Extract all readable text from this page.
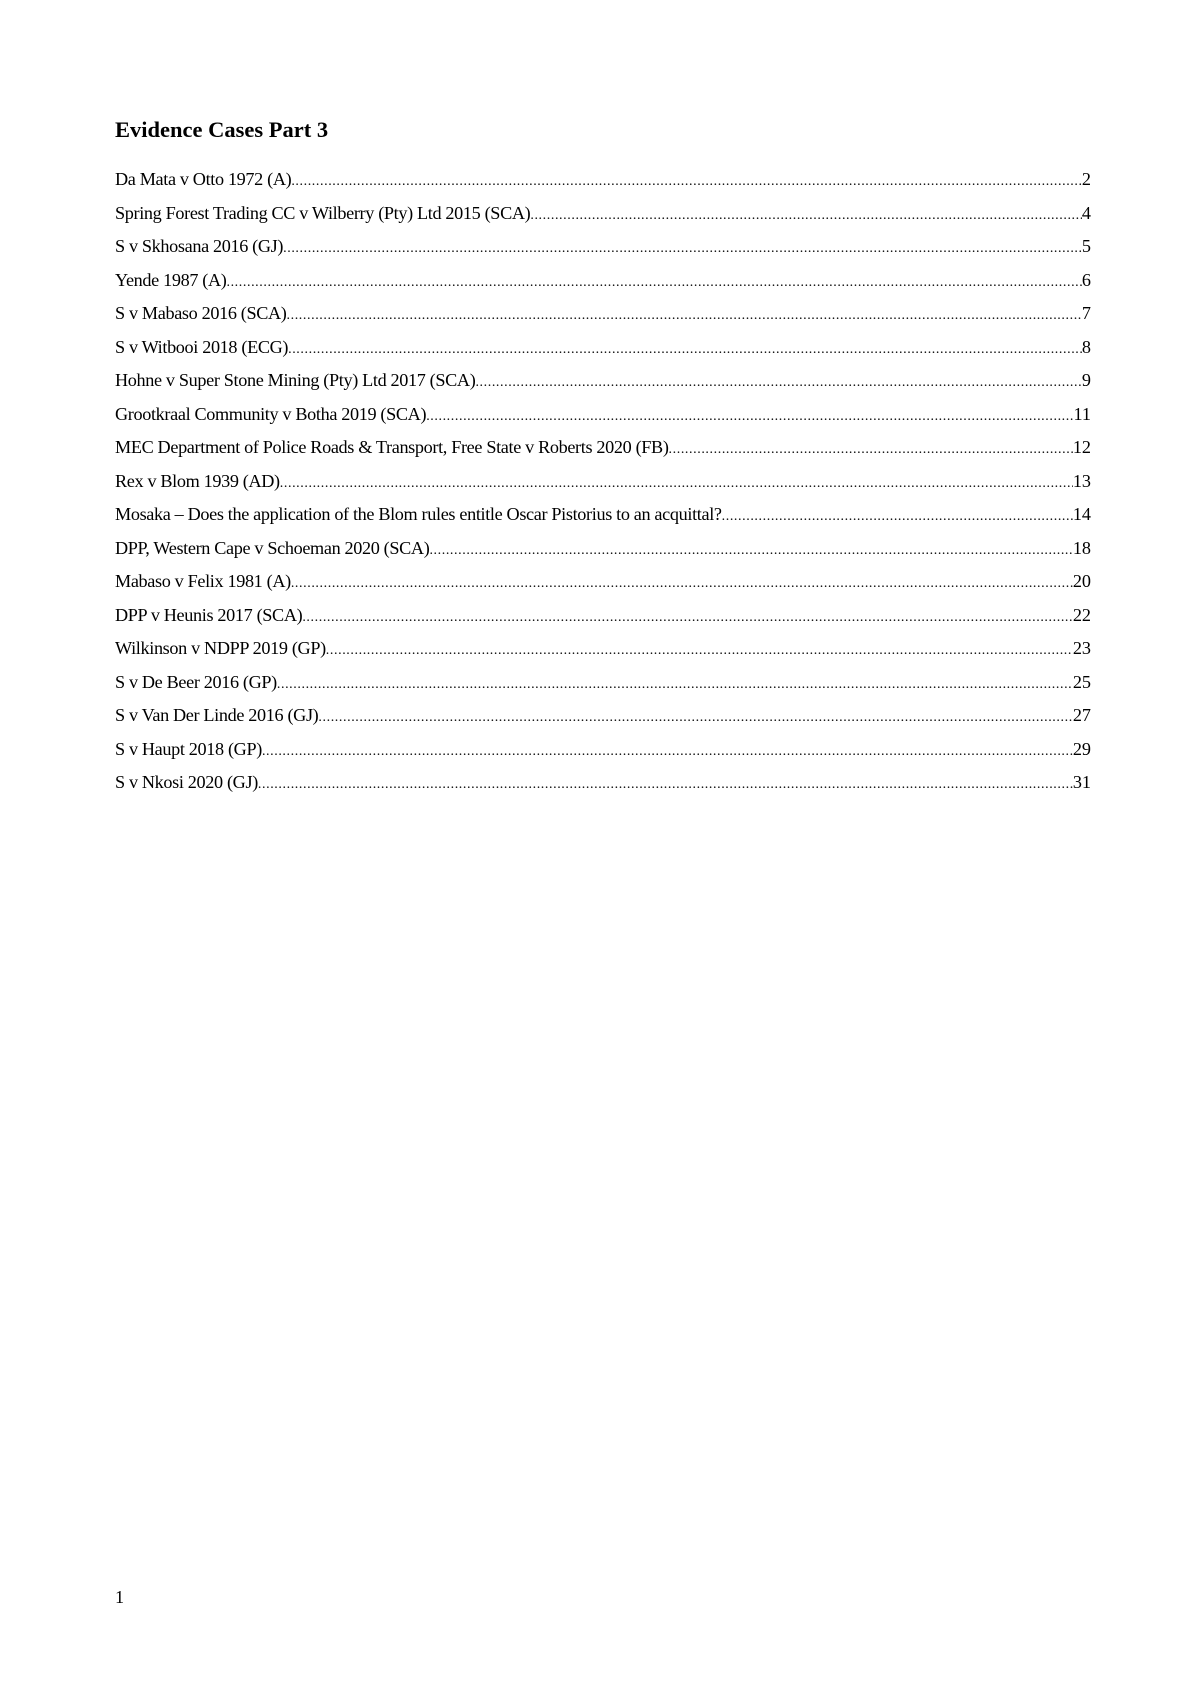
Evidence Cases Part 3
Da Mata v Otto 1972 (A) .....	2
Spring Forest Trading CC v Wilberry (Pty) Ltd 2015 (SCA) .....	4
S v Skhosana 2016 (GJ) .....	5
Yende 1987 (A) .....	6
S v Mabaso 2016 (SCA) .....	7
S v Witbooi 2018 (ECG) .....	8
Hohne v Super Stone Mining (Pty) Ltd 2017 (SCA) .....	9
Grootkraal Community v Botha 2019 (SCA) .....	11
MEC Department of Police Roads & Transport, Free State v Roberts 2020 (FB) .....	12
Rex v Blom 1939 (AD) .....	13
Mosaka – Does the application of the Blom rules entitle Oscar Pistorius to an acquittal? .....	14
DPP, Western Cape v Schoeman 2020 (SCA) .....	18
Mabaso v Felix 1981 (A) .....	20
DPP v Heunis 2017 (SCA) .....	22
Wilkinson v NDPP 2019 (GP) .....	23
S v De Beer 2016 (GP) .....	25
S v Van Der Linde 2016 (GJ) .....	27
S v Haupt 2018 (GP) .....	29
S v Nkosi 2020 (GJ) .....	31
1
